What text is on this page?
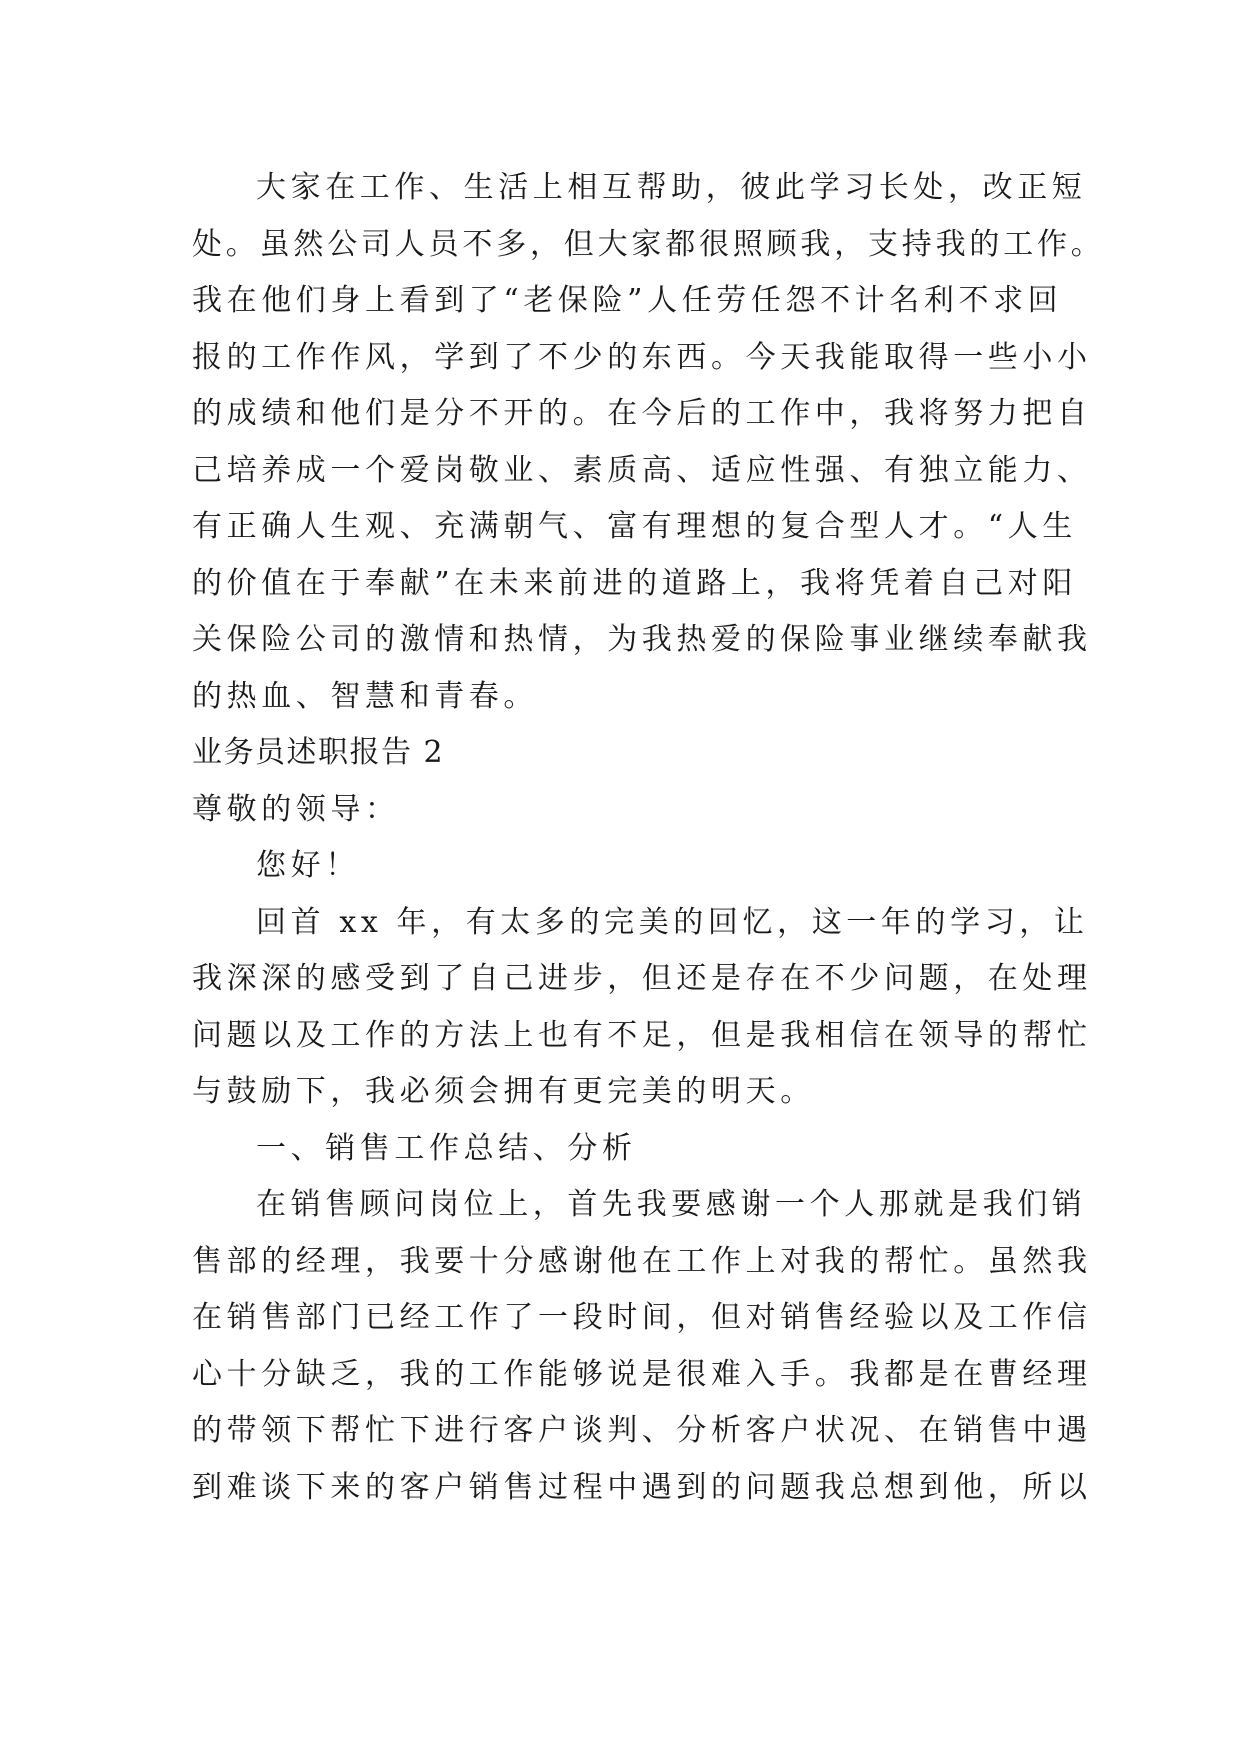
大家在工作、生活上相互帮助，彼此学习长处，改正短

处。虽然公司人员不多，但大家都很照顾我，支持我的工作。

我在他们身上看到了“老保险”人任劳任怨不计名利不求回

报的工作作风，学到了不少的东西。今天我能取得一些小小

的成绩和他们是分不开的。在今后的工作中，我将努力把自

己培养成一个爱岗敬业、素质高、适应性强、有独立能力、

有正确人生观、充满朝气、富有理想的复合型人才。“人生

的价值在于奉献”在未来前进的道路上，我将凭着自己对阳

关保险公司的激情和热情，为我热爱的保险事业继续奉献我

的热血、智慧和青春。

业务员述职报告 2

尊敬的领导：

您好！

回首 xx 年，有太多的完美的回忆，这一年的学习，让

我深深的感受到了自己进步，但还是存在不少问题，在处理

问题以及工作的方法上也有不足，但是我相信在领导的帮忙

与鼓励下，我必须会拥有更完美的明天。

一、销售工作总结、分析

在销售顾问岗位上，首先我要感谢一个人那就是我们销

售部的经理，我要十分感谢他在工作上对我的帮忙。虽然我

在销售部门已经工作了一段时间，但对销售经验以及工作信

心十分缺乏，我的工作能够说是很难入手。我都是在曹经理

的带领下帮忙下进行客户谈判、分析客户状况、在销售中遇

到难谈下来的客户销售过程中遇到的问题我总想到他，所以
